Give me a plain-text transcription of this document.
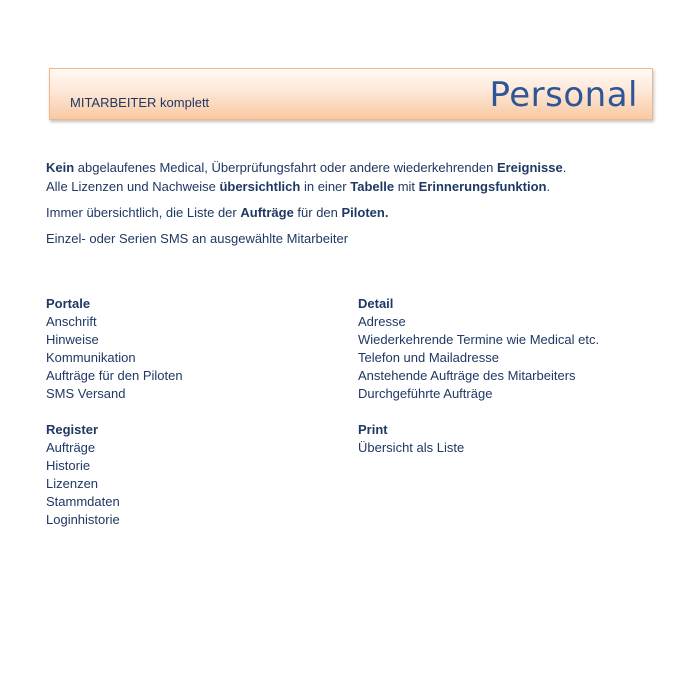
MITARBEITER komplett	Personal

Kein abgelaufenes Medical, Überprüfungsfahrt oder andere wiederkehrenden Ereignisse.

Alle Lizenzen und Nachweise übersichtlich in einer Tabelle mit Erinnerungsfunktion.

Immer übersichtlich, die Liste der Aufträge für den Piloten.

Einzel- oder Serien SMS an ausgewählte Mitarbeiter

Portale
Anschrift
Hinweise
Kommunikation
Aufträge für den Piloten
SMS Versand
Register
Aufträge
Historie
Lizenzen
Stammdaten
Loginhistorie
Detail
Adresse
Wiederkehrende Termine wie Medical etc.
Telefon und Mailadresse
Anstehende Aufträge des Mitarbeiters
Durchgeführte Aufträge
Print
Übersicht als Liste
